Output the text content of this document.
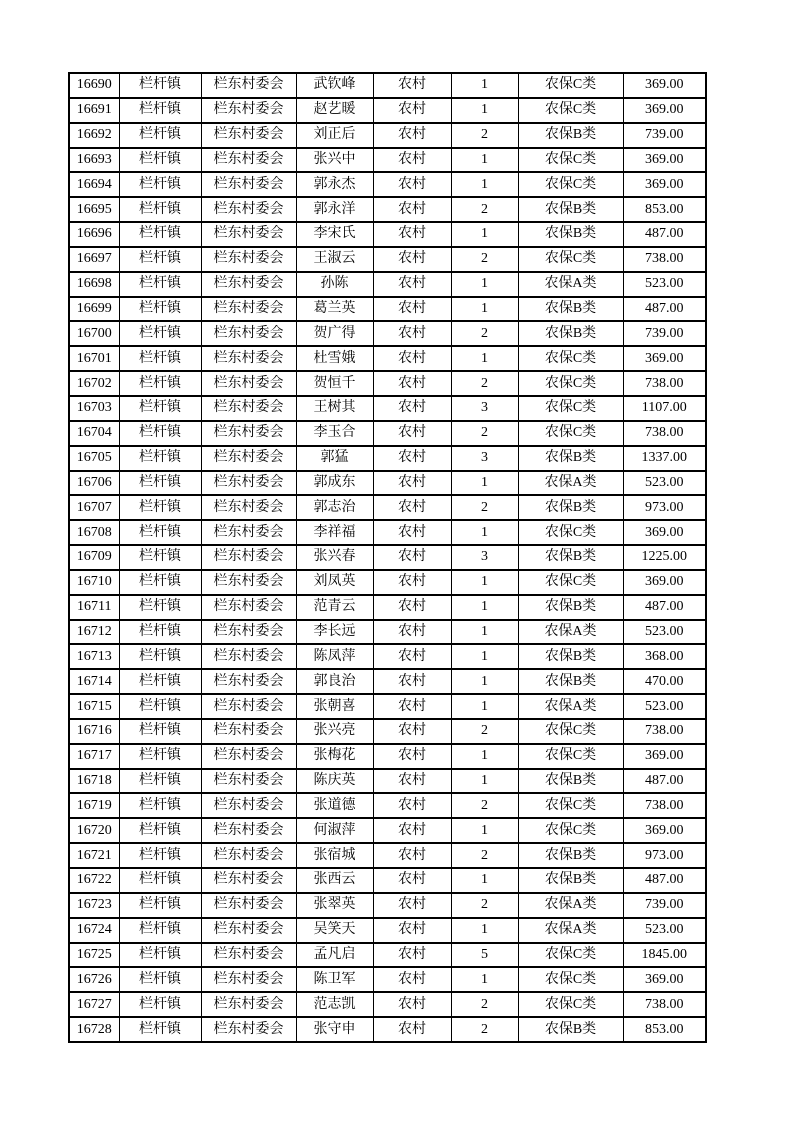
16690	栏杆镇	栏东村委会	武钦峰	农村	1	农保C类	369.00
16691	栏杆镇	栏东村委会	赵艺暖	农村	1	农保C类	369.00
16692	栏杆镇	栏东村委会	刘正后	农村	2	农保B类	739.00
16693	栏杆镇	栏东村委会	张兴中	农村	1	农保C类	369.00
16694	栏杆镇	栏东村委会	郭永杰	农村	1	农保C类	369.00
16695	栏杆镇	栏东村委会	郭永洋	农村	2	农保B类	853.00
16696	栏杆镇	栏东村委会	李宋氏	农村	1	农保B类	487.00
16697	栏杆镇	栏东村委会	王淑云	农村	2	农保C类	738.00
16698	栏杆镇	栏东村委会	孙陈	农村	1	农保A类	523.00
16699	栏杆镇	栏东村委会	葛兰英	农村	1	农保B类	487.00
16700	栏杆镇	栏东村委会	贺广得	农村	2	农保B类	739.00
16701	栏杆镇	栏东村委会	杜雪娥	农村	1	农保C类	369.00
16702	栏杆镇	栏东村委会	贺恒千	农村	2	农保C类	738.00
16703	栏杆镇	栏东村委会	王树其	农村	3	农保C类	1107.00
16704	栏杆镇	栏东村委会	李玉合	农村	2	农保C类	738.00
16705	栏杆镇	栏东村委会	郭猛	农村	3	农保B类	1337.00
16706	栏杆镇	栏东村委会	郭成东	农村	1	农保A类	523.00
16707	栏杆镇	栏东村委会	郭志治	农村	2	农保B类	973.00
16708	栏杆镇	栏东村委会	李祥福	农村	1	农保C类	369.00
16709	栏杆镇	栏东村委会	张兴春	农村	3	农保B类	1225.00
16710	栏杆镇	栏东村委会	刘凤英	农村	1	农保C类	369.00
16711	栏杆镇	栏东村委会	范青云	农村	1	农保B类	487.00
16712	栏杆镇	栏东村委会	李长远	农村	1	农保A类	523.00
16713	栏杆镇	栏东村委会	陈凤萍	农村	1	农保B类	368.00
16714	栏杆镇	栏东村委会	郭良治	农村	1	农保B类	470.00
16715	栏杆镇	栏东村委会	张朝喜	农村	1	农保A类	523.00
16716	栏杆镇	栏东村委会	张兴亮	农村	2	农保C类	738.00
16717	栏杆镇	栏东村委会	张梅花	农村	1	农保C类	369.00
16718	栏杆镇	栏东村委会	陈庆英	农村	1	农保B类	487.00
16719	栏杆镇	栏东村委会	张道德	农村	2	农保C类	738.00
16720	栏杆镇	栏东村委会	何淑萍	农村	1	农保C类	369.00
16721	栏杆镇	栏东村委会	张宿城	农村	2	农保B类	973.00
16722	栏杆镇	栏东村委会	张西云	农村	1	农保B类	487.00
16723	栏杆镇	栏东村委会	张翠英	农村	2	农保A类	739.00
16724	栏杆镇	栏东村委会	吴笑天	农村	1	农保A类	523.00
16725	栏杆镇	栏东村委会	孟凡启	农村	5	农保C类	1845.00
16726	栏杆镇	栏东村委会	陈卫军	农村	1	农保C类	369.00
16727	栏杆镇	栏东村委会	范志凯	农村	2	农保C类	738.00
16728	栏杆镇	栏东村委会	张守申	农村	2	农保B类	853.00
